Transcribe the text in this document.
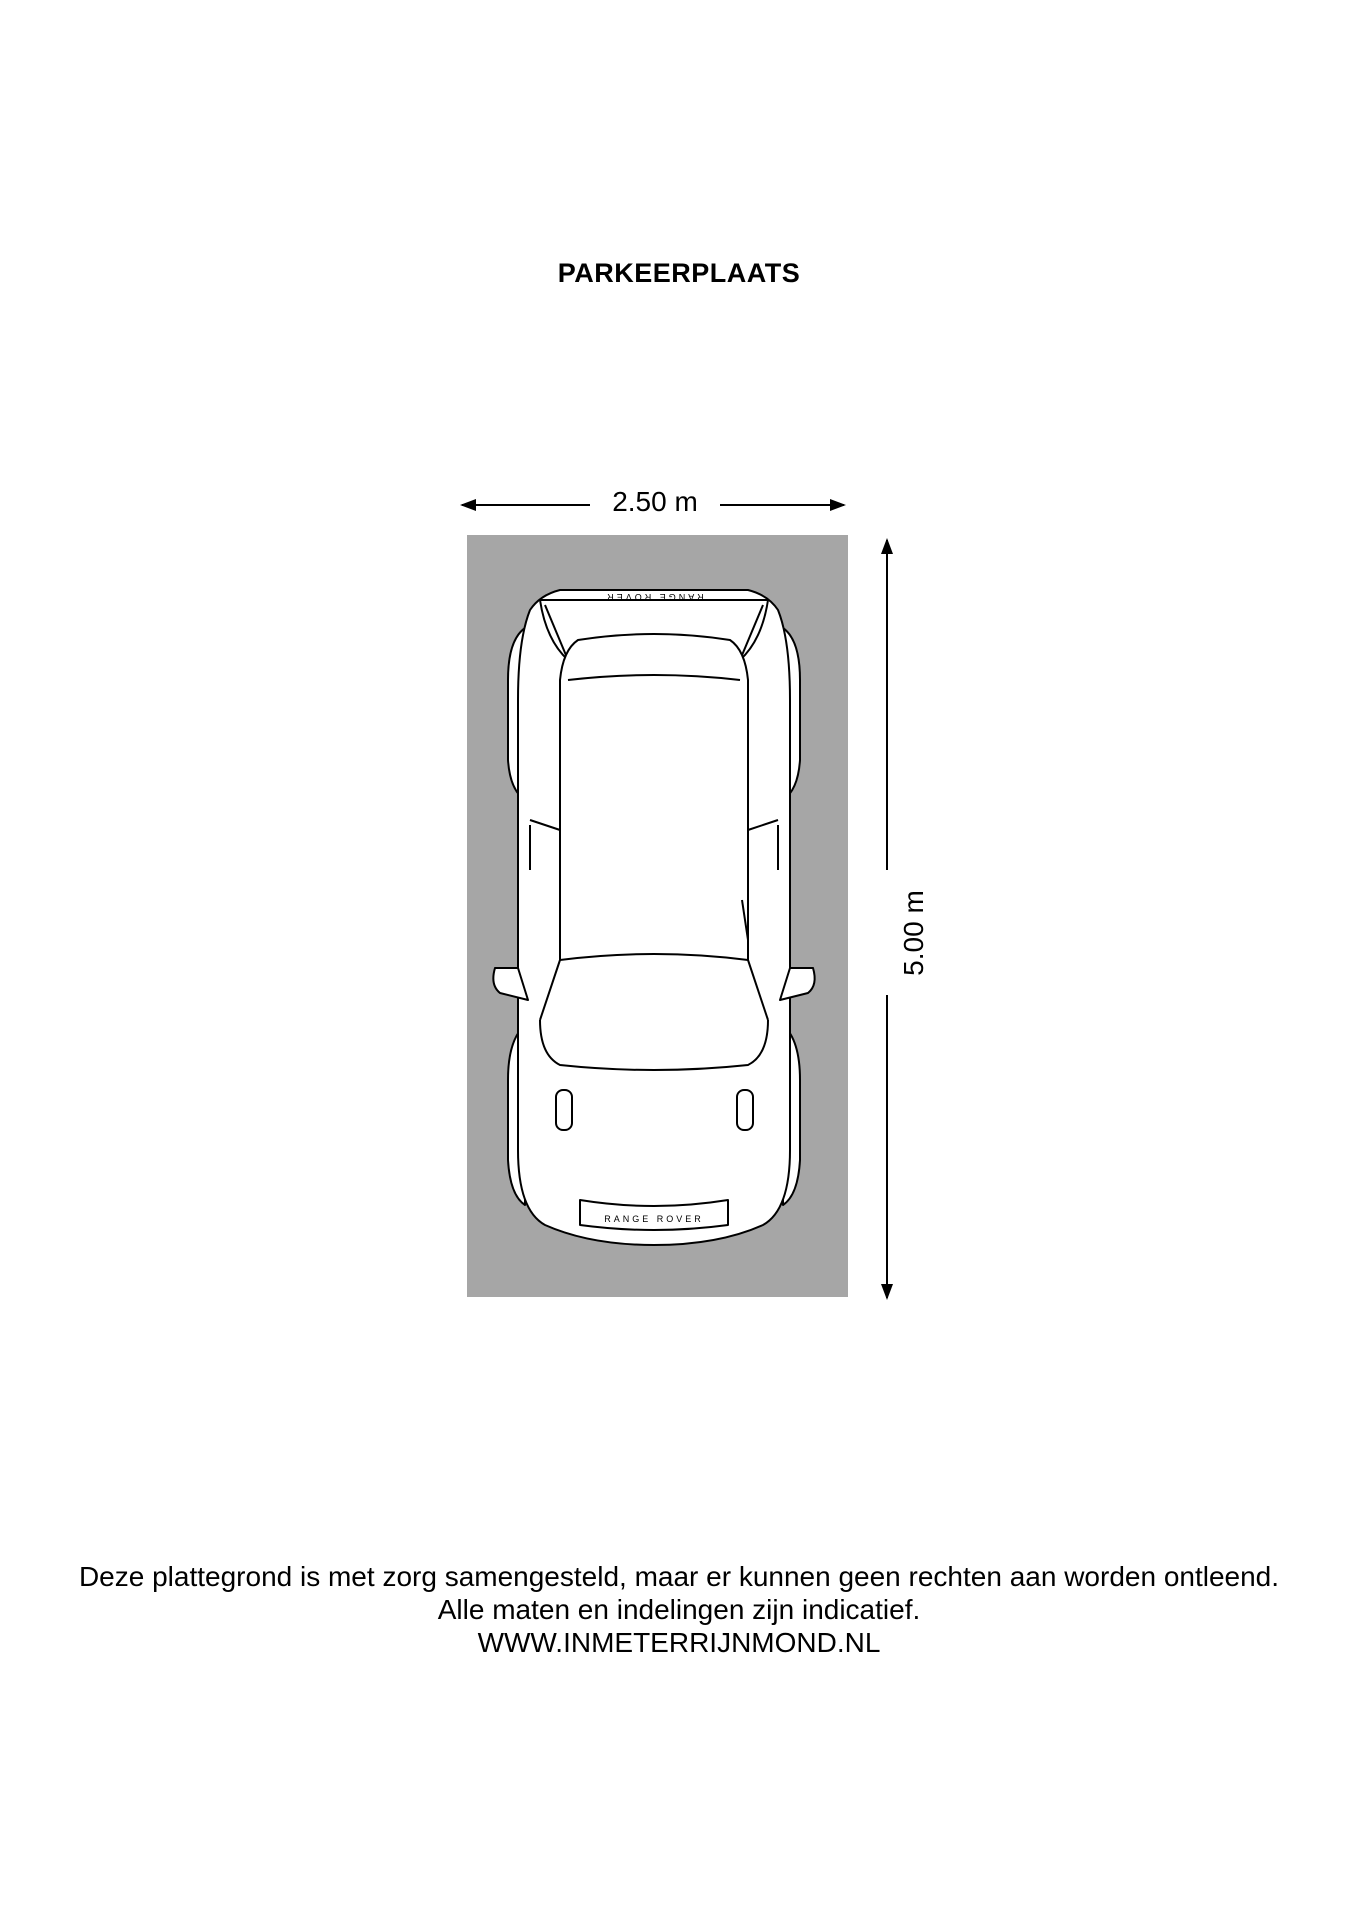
PARKEERPLAATS
RANGE ROVER
RANGE ROVER
2.50 m
5.00 m
Deze plattegrond is met zorg samengesteld, maar er kunnen geen rechten aan worden ontleend.
Alle maten en indelingen zijn indicatief.
WWW.INMETERRIJNMOND.NL
